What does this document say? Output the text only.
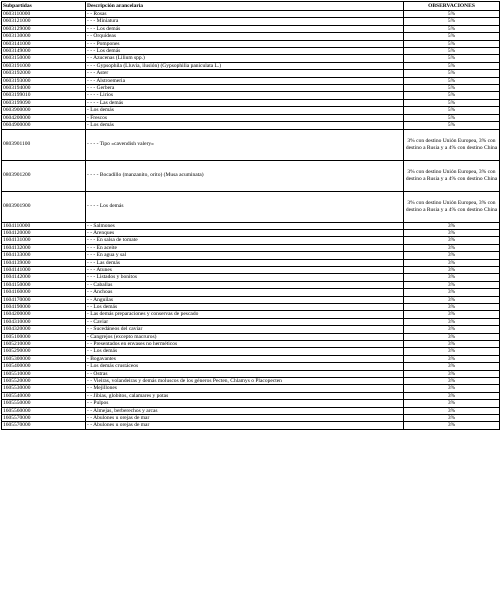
Subpartidas	Descripción arancelaria	OBSERVACIONES
0603110000	- - Rosas	5%
0603121000	- - - Miniatura	5%
0603129000	- - - Los demás	5%
0603130000	- - Orquídeas	5%
0603141000	- - - Pompones	5%
0603149000	- - - Los demás	5%
0603150000	- - Azucenas (Lilium spp.)	5%
0603191000	- - - Gypsophila (Lluvia, ilusión) (Gypsophilia paniculata L.)	5%
0603192000	- - - Aster	5%
0603193000	- - - Alstroemeria	5%
0603194000	- - - Gerbera	5%
0603199010	- - - - Lirios	5%
0603199090	- - - - Las demás	5%
0603900000	- Los demás	5%
0604200000	- Frescos	5%
0604900000	- Los demás	5%
0803901100	- - - - Tipo «cavendish valery»	3% con destino Unión Europea, 3% con destino a Rusia y a 4% con destino China
0803901200	- - - - Bocadillo (manzanito, orito) (Musa acuminata)	3% con destino Unión Europea, 3% con destino a Rusia y a 4% con destino China
0803901900	- - - - Los demás	3% con destino Unión Europea, 3% con destino a Rusia y a 4% con destino China
1604110000	- - Salmones	3%
1604120000	- - Arenques	3%
1604131000	- - - En salsa de tomate	3%
1604132000	- - - En aceite	3%
1604133000	- - - En agua y sal	3%
1604139000	- - - Las demás	3%
1604141000	- - - Atunes	3%
1604142000	- - - Listados y bonitos	3%
1604150000	- - Caballas	3%
1604160000	- - Anchoas	3%
1604170000	- - Anguilas	3%
1604190000	- - Los demás	3%
1604200000	- Las demás preparaciones y conservas de pescado	3%
1604310000	- - Caviar	3%
1604320000	- - Sucedáneos del caviar	3%
1605100000	- Cangrejos (excepto macruros)	3%
1605210000	- - Presentados en envases no herméticos	3%
1605290000	- - Los demás	3%
1605300000	- Bogavantes	3%
1605400000	- Los demás crustáceos	3%
1605510000	- - Ostras	3%
1605520000	- - Vieiras, volandeiras y demás moluscos de los géneros Pecten, Chlamys o Placopecten	3%
1605530000	- - Mejillones	3%
1605540000	- - Jibias, globitos, calamares y potas	3%
1605550000	- - Pulpos	3%
1605560000	- - Almejas, berberechos y arcas	3%
1605570000	- - Abulones u orejas de mar	3%
1605570000	- - Abulones u orejas de mar	3%
